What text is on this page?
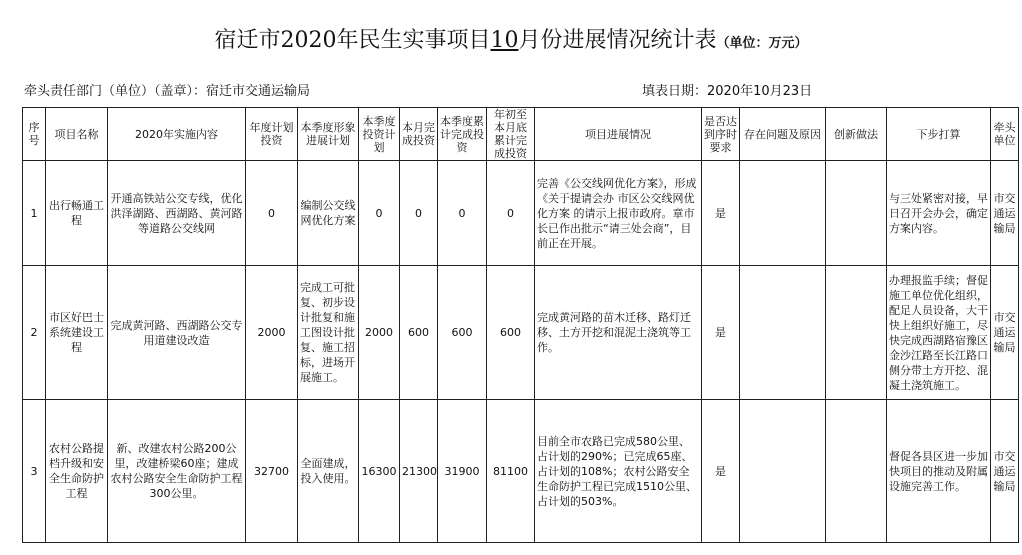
宿迁市2020年民生实事项目10月份进展情况统计表（单位：万元）
牵头责任部门（单位）（盖章）：宿迁市交通运输局	填表日期：2020年10月23日
序号	项目名称	2020年实施内容	年度计划投资	本季度形象进展计划	本季度投资计划	本月完成投资	本季度累计完成投资	年初至本月底累计完成投资	项目进展情况	是否达到序时要求	存在问题及原因	创新做法	下步打算	牵头单位
1	出行畅通工程	开通高铁站公交专线，优化洪泽湖路、西湖路、黄河路等道路公交线网	0	编制公交线网优化方案	0	0	0	0	完善《公交线网优化方案》，形成《关于提请会办 市区公交线网优化方案 的请示上报市政府。章市长已作出批示“请三处会商”，目前正在开展。	是			与三处紧密对接，早日召开会办会，确定方案内容。	市交通运输局
2	市区好巴士系统建设工程	完成黄河路、西湖路公交专用道建设改造	2000	完成工可批复、初步设计批复和施工图设计批复、施工招标，进场开展施工。	2000	600	600	600	完成黄河路的苗木迁移、路灯迁移、土方开挖和混泥土浇筑等工作。	是			办理报监手续；督促施工单位优化组织，配足人员设备，大干快上组织好施工，尽快完成西湖路宿豫区金沙江路至长江路口侧分带土方开挖、混凝土浇筑施工。	市交通运输局
3	农村公路提档升级和安全生命防护工程	新、改建农村公路200公里，改建桥梁60座；建成农村公路安全生命防护工程300公里。	32700	全面建成，投入使用。	16300	21300	31900	81100	目前全市农路已完成580公里、占计划的290%；已完成65座、占计划的108%；农村公路安全生命防护工程已完成1510公里、占计划的503%。	是			督促各县区进一步加快项目的推动及附属设施完善工作。	市交通运输局
